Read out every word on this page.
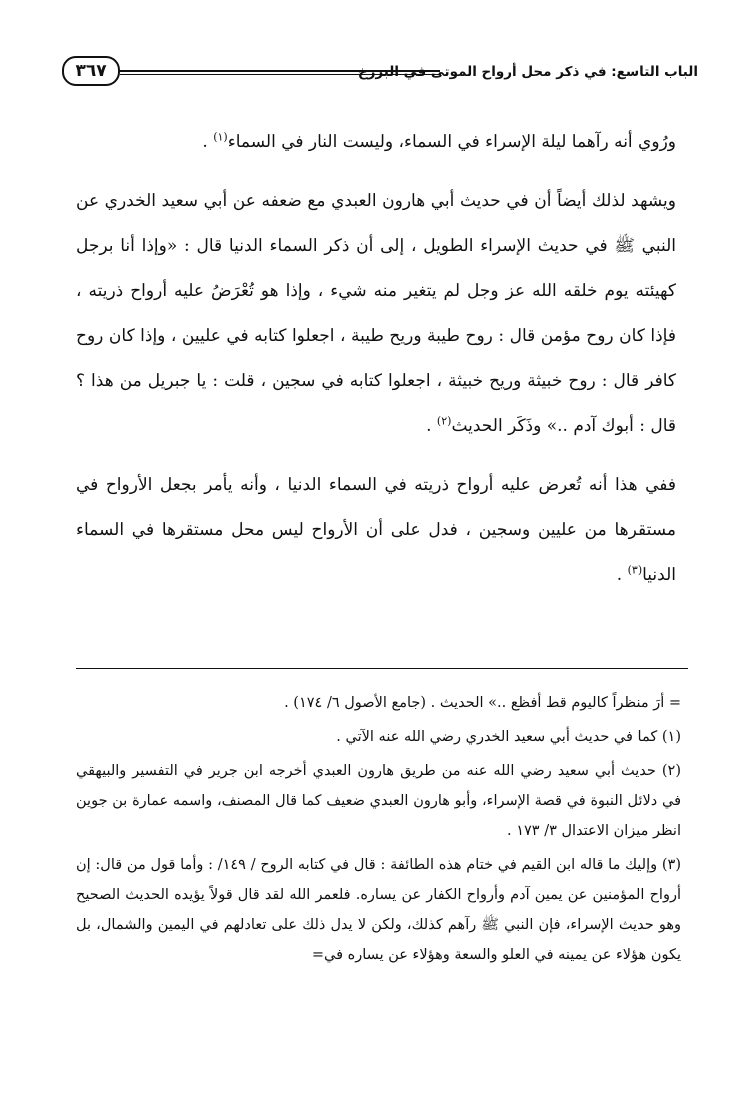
الباب التاسع: في ذكر محل أرواح الموتى في البرزخ
٣٦٧

ورُوي أنه رآهما ليلة الإسراء في السماء، وليست النار في السماء$^{(١)}$ .

ويشهد لذلك أيضاً أن في حديث أبي هارون العبدي مع ضعفه عن أبي سعيد الخدري عن النبي ﷺ في حديث الإسراء الطويل ، إلى أن ذكر السماء الدنيا قال : «وإذا أنا برجل كهيئته يوم خلقه الله عز وجل لم يتغير منه شيء ، وإذا هو تُعْرَضُ عليه أرواح ذريته ، فإذا كان روح مؤمن قال : روح طيبة وريح طيبة ، اجعلوا كتابه في عليين ، وإذا كان روح كافر قال : روح خبيثة وريح خبيثة ، اجعلوا كتابه في سجين ، قلت : يا جبريل من هذا ؟ قال : أبوك آدم ..» وذَكَر الحديث$^{(٢)}$ .

ففي هذا أنه تُعرض عليه أرواح ذريته في السماء الدنيا ، وأنه يأمر بجعل الأرواح في مستقرها من عليين وسجين ، فدل على أن الأرواح ليس محل مستقرها في السماء الدنيا$^{(٣)}$ .

= أرَ منظراً كاليوم قط أفظع ..» الحديث . (جامع الأصول ٦/ ١٧٤) .

(١) كما في حديث أبي سعيد الخدري رضي الله عنه الآتي .

(٢) حديث أبي سعيد رضي الله عنه من طريق هارون العبدي أخرجه ابن جرير في التفسير والبيهقي في دلائل النبوة في قصة الإسراء، وأبو هارون العبدي ضعيف كما قال المصنف، واسمه عمارة بن جوين انظر ميزان الاعتدال ٣/ ١٧٣ .

(٣) وإليك ما قاله ابن القيم في ختام هذه الطائفة : قال في كتابه الروح / ١٤٩/ : وأما قول من قال: إن أرواح المؤمنين عن يمين آدم وأرواح الكفار عن يساره. فلعمر الله لقد قال قولاً يؤيده الحديث الصحيح وهو حديث الإسراء، فإن النبي ﷺ رآهم كذلك، ولكن لا يدل ذلك على تعادلهم في اليمين والشمال، بل يكون هؤلاء عن يمينه في العلو والسعة وهؤلاء عن يساره في=
